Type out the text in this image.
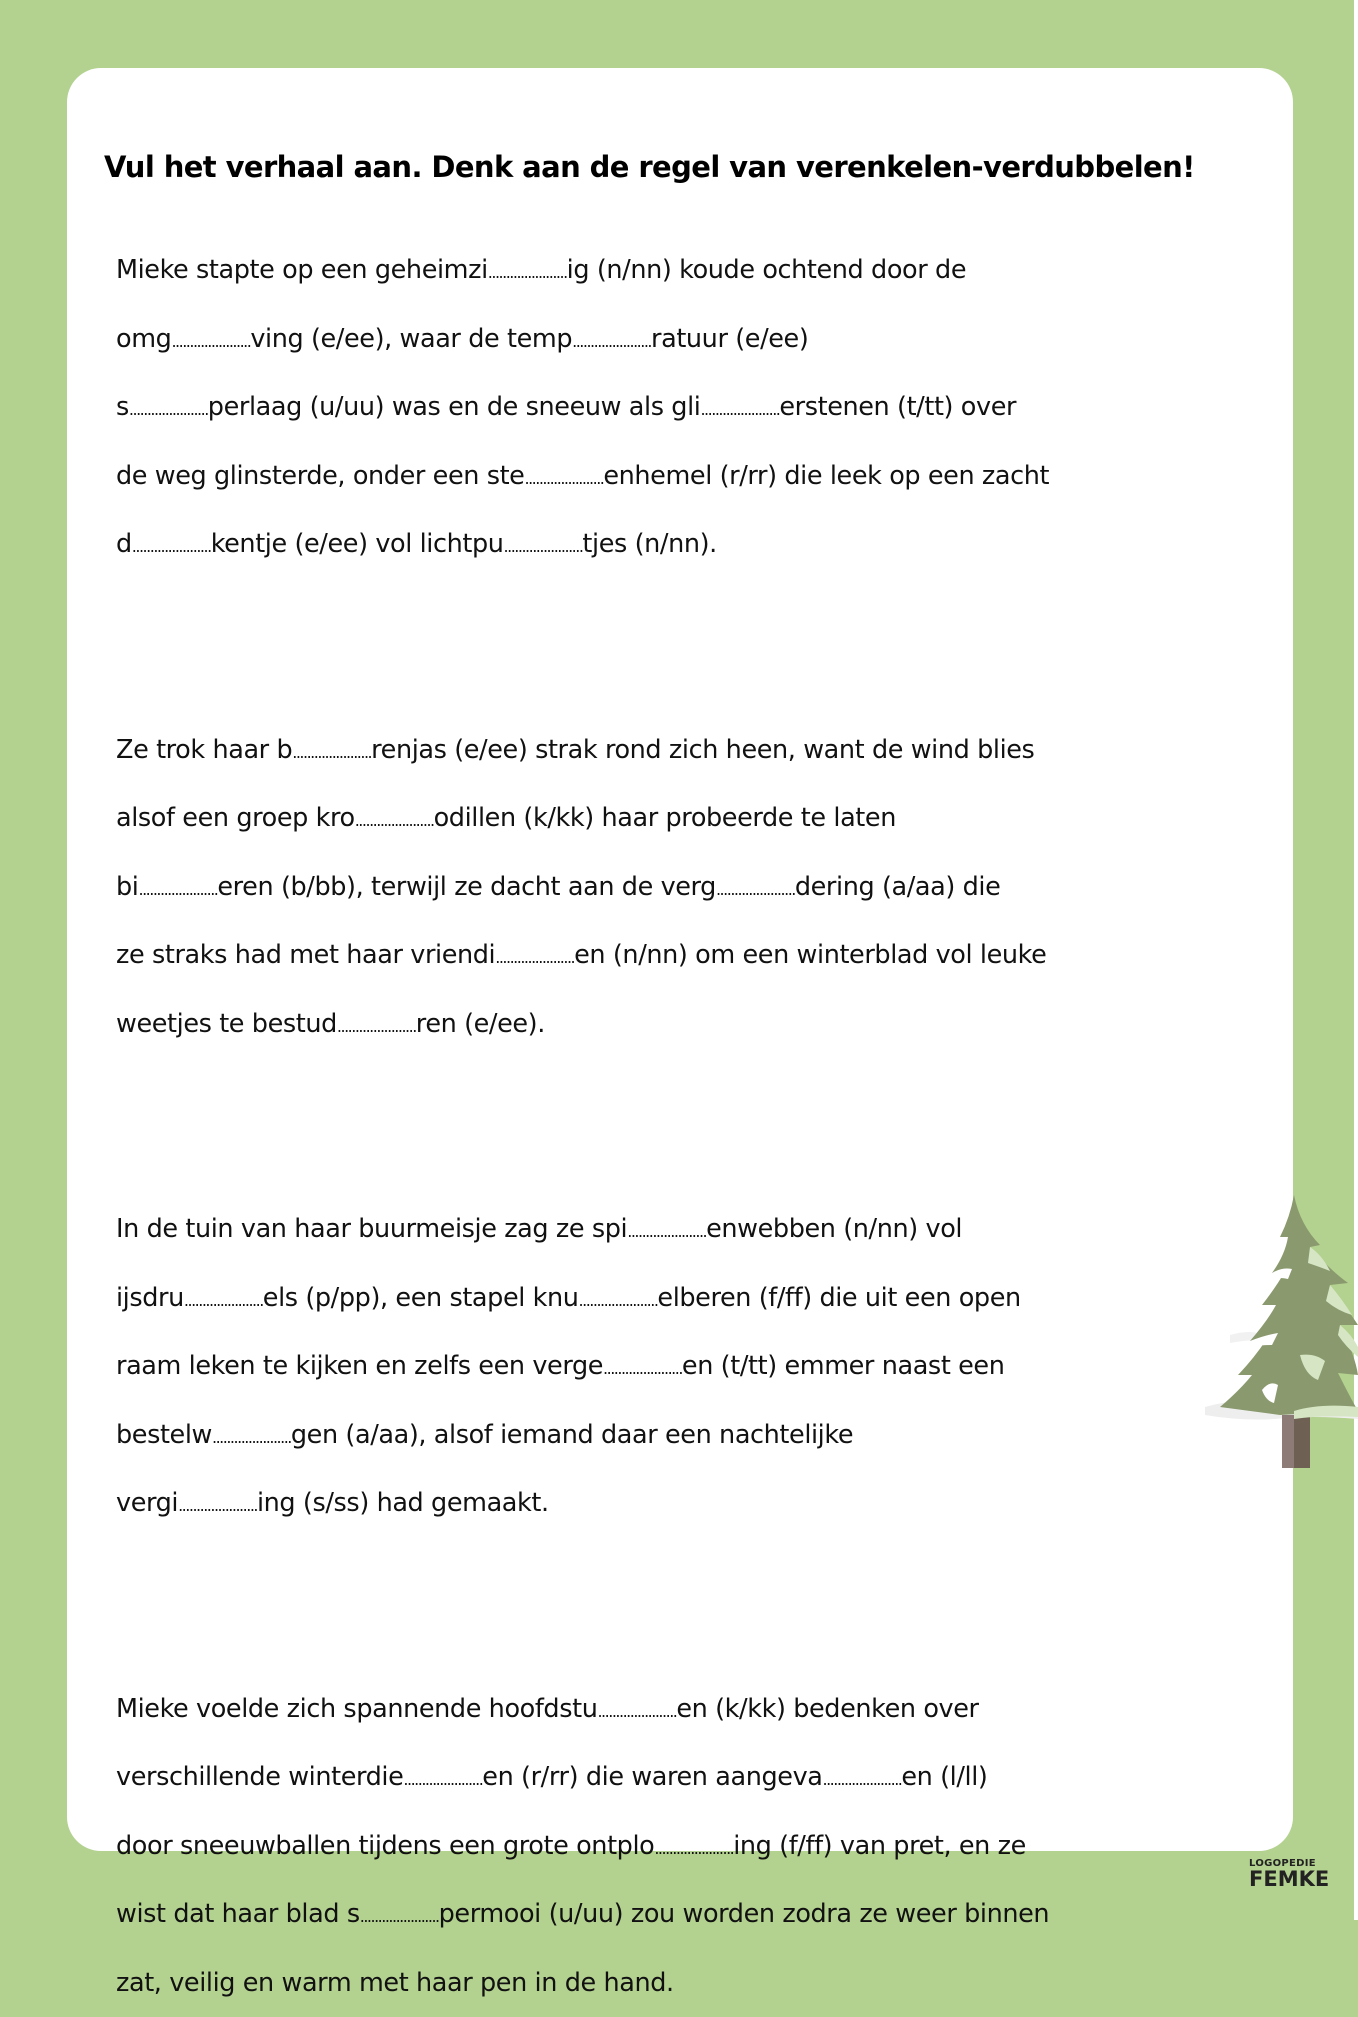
Vul het verhaal aan. Denk aan de regel van verenkelen-verdubbelen!
Mieke stapte op een geheimzi......................ig (n/nn) koude ochtend door de
omg......................ving (e/ee), waar de temp......................ratuur (e/ee)
s......................perlaag (u/uu) was en de sneeuw als gli......................erstenen (t/tt) over
de weg glinsterde, onder een ste......................enhemel (r/rr) die leek op een zacht
d......................kentje (e/ee) vol lichtpu......................tjes (n/nn).
Ze trok haar b......................renjas (e/ee) strak rond zich heen, want de wind blies
alsof een groep kro......................odillen (k/kk) haar probeerde te laten
bi......................eren (b/bb), terwijl ze dacht aan de verg......................dering (a/aa) die
ze straks had met haar vriendi......................en (n/nn) om een winterblad vol leuke
weetjes te bestud......................ren (e/ee).
In de tuin van haar buurmeisje zag ze spi......................enwebben (n/nn) vol
ijsdru......................els (p/pp), een stapel knu......................elberen (f/ff) die uit een open
raam leken te kijken en zelfs een verge......................en (t/tt) emmer naast een
bestelw......................gen (a/aa), alsof iemand daar een nachtelijke
vergi......................ing (s/ss) had gemaakt.
Mieke voelde zich spannende hoofdstu......................en (k/kk) bedenken over
verschillende winterdie......................en (r/rr) die waren aangeva......................en (l/ll)
door sneeuwballen tijdens een grote ontplo......................ing (f/ff) van pret, en ze
wist dat haar blad s......................permooi (u/uu) zou worden zodra ze weer binnen
zat, veilig en warm met haar pen in de hand.
LOGOPEDIE
FEMKE
